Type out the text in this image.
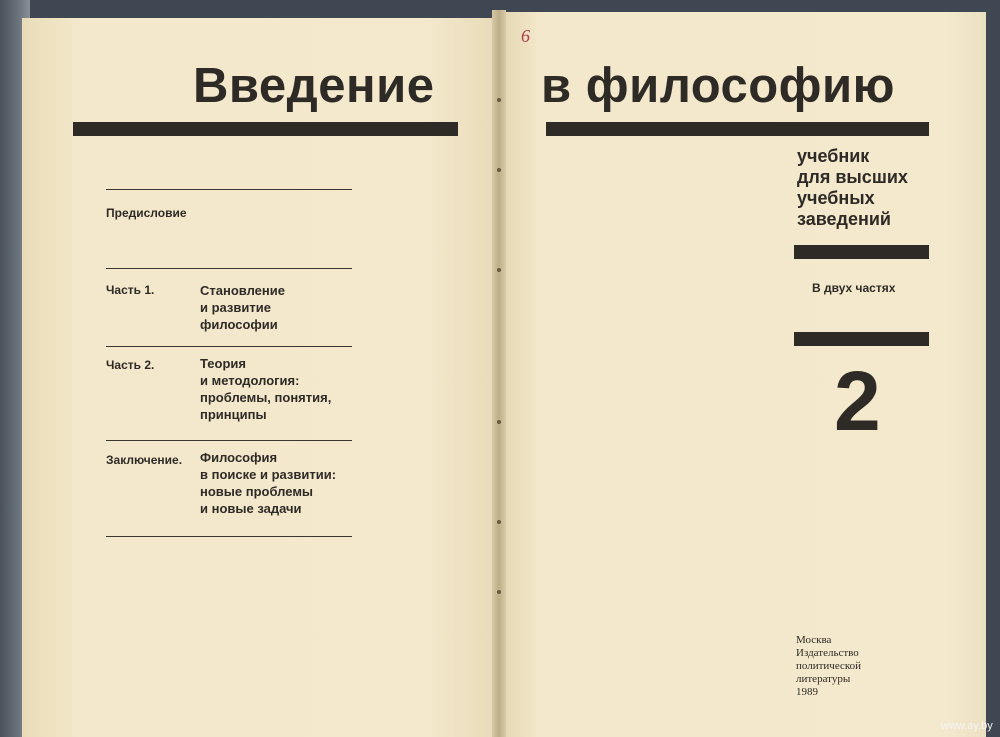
Введение в философию
6
Предисловие
Часть 1.	Становление
и развитие
философии
Часть 2.	Теория
и методология:
проблемы, понятия,
принципы
Заключение. Философия
в поиске и развитии:
новые проблемы
и новые задачи
учебник
для высших
учебных
заведений
В двух частях
2
Москва
Издательство
политической
литературы
1989
www.ay.by
